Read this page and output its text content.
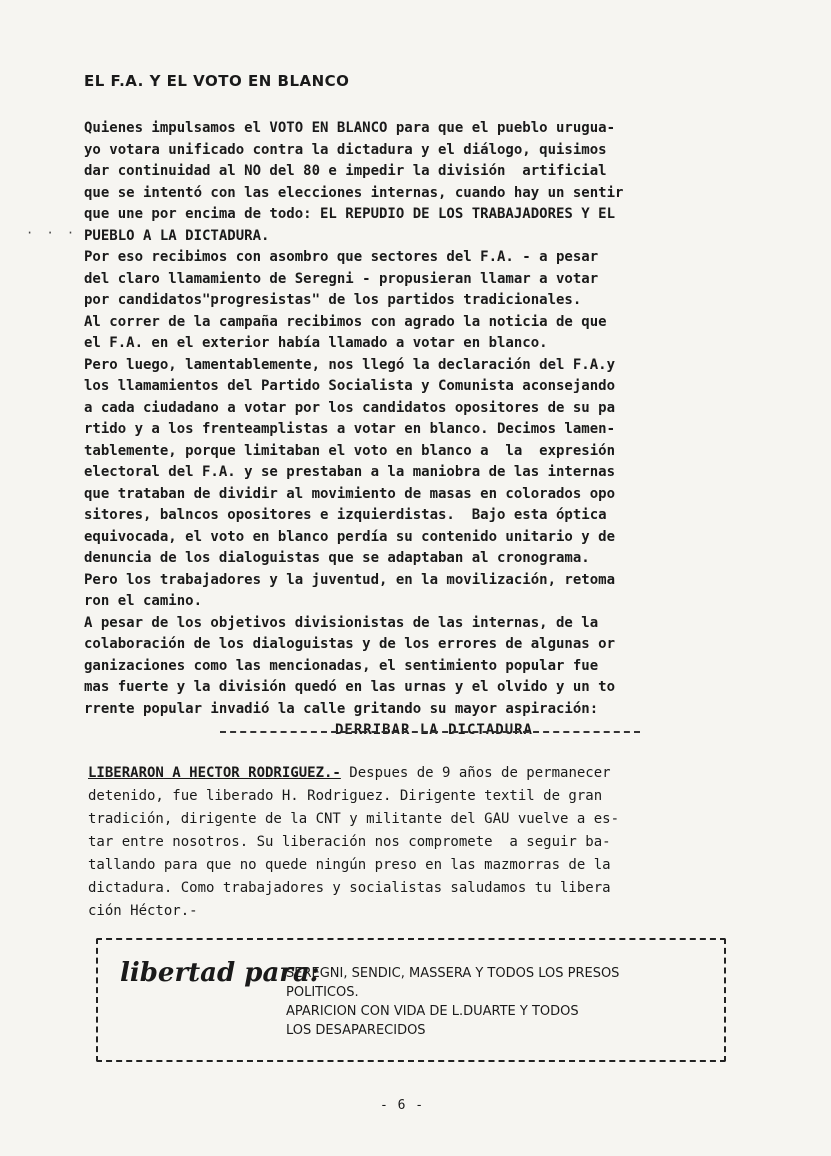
EL F.A. Y EL VOTO EN BLANCO
· · · ·
Quienes impulsamos el VOTO EN BLANCO para que el pueblo urugua-
yo votara unificado contra la dictadura y el diálogo, quisimos
dar continuidad al NO del 80 e impedir la división  artificial
que se intentó con las elecciones internas, cuando hay un sentir
que une por encima de todo: EL REPUDIO DE LOS TRABAJADORES Y EL
PUEBLO A LA DICTADURA.
Por eso recibimos con asombro que sectores del F.A. - a pesar
del claro llamamiento de Seregni - propusieran llamar a votar
por candidatos"progresistas" de los partidos tradicionales.
Al correr de la campaña recibimos con agrado la noticia de que
el F.A. en el exterior había llamado a votar en blanco.
Pero luego, lamentablemente, nos llegó la declaración del F.A.y
los llamamientos del Partido Socialista y Comunista aconsejando
a cada ciudadano a votar por los candidatos opositores de su pa
rtido y a los frenteamplistas a votar en blanco. Decimos lamen-
tablemente, porque limitaban el voto en blanco a  la  expresión
electoral del F.A. y se prestaban a la maniobra de las internas
que trataban de dividir al movimiento de masas en colorados opo
sitores, balncos opositores e izquierdistas.  Bajo esta óptica
equivocada, el voto en blanco perdía su contenido unitario y de
denuncia de los dialoguistas que se adaptaban al cronograma.
Pero los trabajadores y la juventud, en la movilización, retoma
ron el camino.
A pesar de los objetivos divisionistas de las internas, de la
colaboración de los dialoguistas y de los errores de algunas or
ganizaciones como las mencionadas, el sentimiento popular fue
mas fuerte y la división quedó en las urnas y el olvido y un to
rrente popular invadió la calle gritando su mayor aspiración:
DERRIBAR LA DICTADURA
LIBERARON A HECTOR RODRIGUEZ.- Despues de 9 años de permanecer
detenido, fue liberado H. Rodriguez. Dirigente textil de gran
tradición, dirigente de la CNT y militante del GAU vuelve a es-
tar entre nosotros. Su liberación nos compromete  a seguir ba-
tallando para que no quede ningún preso en las mazmorras de la
dictadura. Como trabajadores y socialistas saludamos tu libera
ción Héctor.-
libertad para:
SEREGNI, SENDIC, MASSERA Y TODOS LOS PRESOS
POLITICOS.
APARICION CON VIDA DE L.DUARTE Y TODOS
LOS DESAPARECIDOS
- 6 -
